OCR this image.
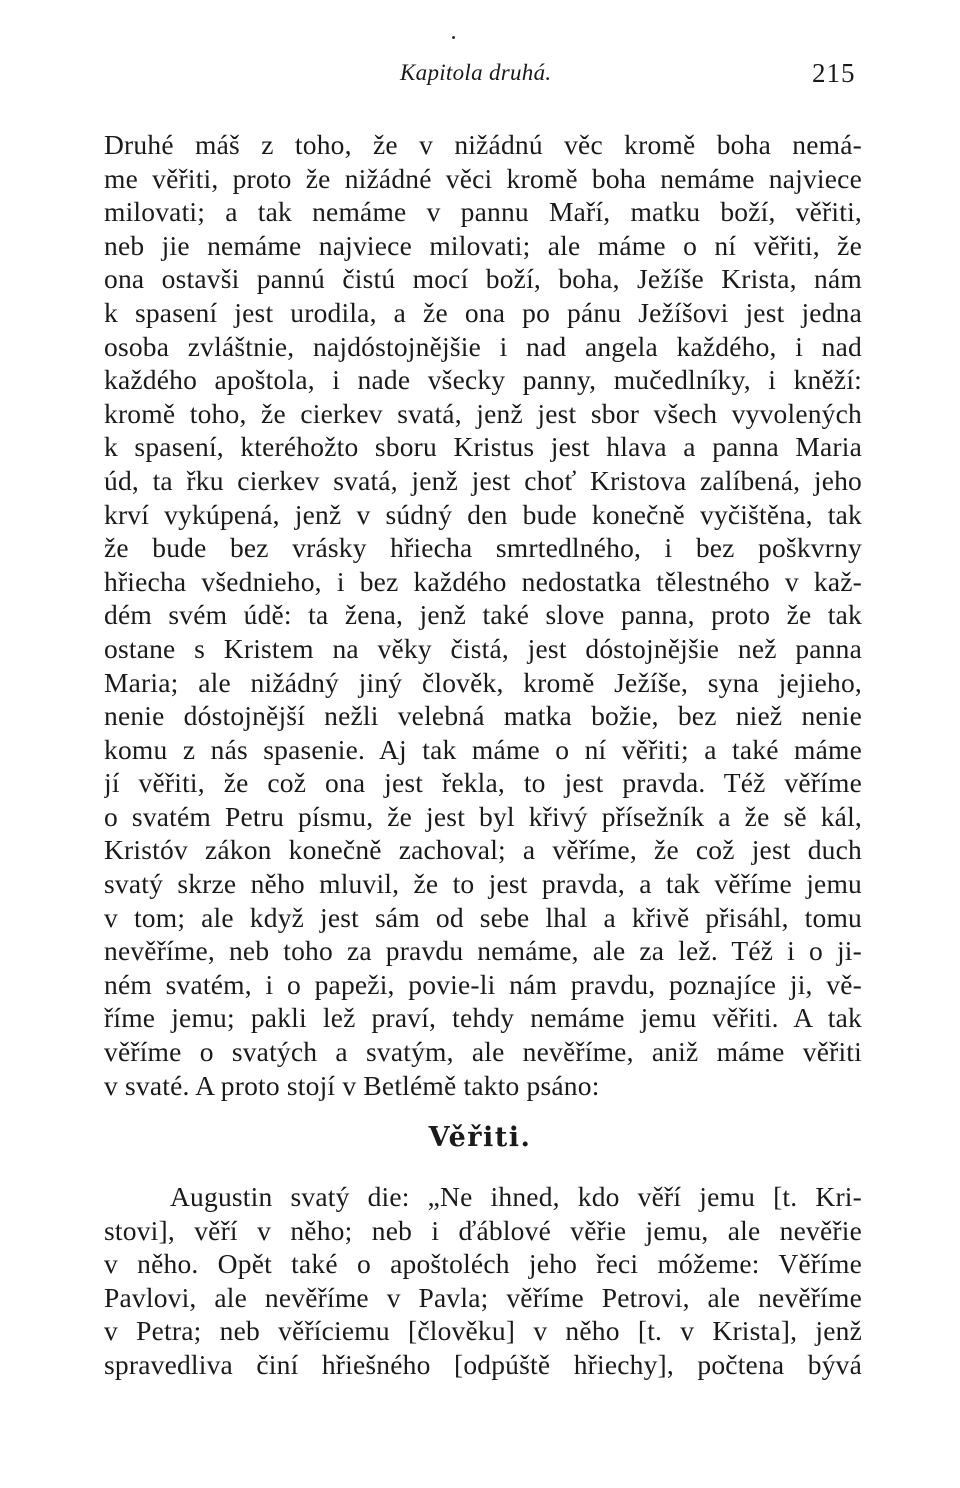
Kapitola druhá.	215
Druhé máš z toho, že v nižádnú věc kromě boha nemá-
me věřiti, proto že nižádné věci kromě boha nemáme najviece
milovati; a tak nemáme v pannu Maří, matku boží, věřiti,
neb jie nemáme najviece milovati; ale máme o ní věřiti, že
ona ostavši pannú čistú mocí boží, boha, Ježíše Krista, nám
k spasení jest urodila, a že ona po pánu Ježíšovi jest jedna
osoba zvláštnie, najdóstojnějšie i nad angela každého, i nad
každého apoštola, i nade všecky panny, mučedlníky, i kněží:
kromě toho, že cierkev svatá, jenž jest sbor všech vyvolených
k spasení, kteréhožto sboru Kristus jest hlava a panna Maria
úd, ta řku cierkev svatá, jenž jest choť Kristova zalíbená, jeho
krví vykúpená, jenž v súdný den bude konečně vyčištěna, tak
že bude bez vrásky hřiecha smrtedlného, i bez poškvrny
hřiecha všednieho, i bez každého nedostatka tělestného v kaž-
dém svém údě: ta žena, jenž také slove panna, proto že tak
ostane s Kristem na věky čistá, jest dóstojnějšie než panna
Maria; ale nižádný jiný člověk, kromě Ježíše, syna jejieho,
nenie dóstojnější nežli velebná matka božie, bez niež nenie
komu z nás spasenie. Aj tak máme o ní věřiti; a také máme
jí věřiti, že což ona jest řekla, to jest pravda. Též věříme
o svatém Petru písmu, že jest byl křivý přísežník a že sě kál,
Kristóv zákon konečně zachoval; a věříme, že což jest duch
svatý skrze něho mluvil, že to jest pravda, a tak věříme jemu
v tom; ale když jest sám od sebe lhal a křivě přisáhl, tomu
nevěříme, neb toho za pravdu nemáme, ale za lež. Též i o ji-
ném svatém, i o papeži, povie-li nám pravdu, poznajíce ji, vě-
říme jemu; pakli lež praví, tehdy nemáme jemu věřiti. A tak
věříme o svatých a svatým, ale nevěříme, aniž máme věřiti
v svaté. A proto stojí v Betlémě takto psáno:
Věřiti.
Augustin svatý die: „Ne ihned, kdo věří jemu [t. Kri-
stovi], věří v něho; neb i ďáblové věřie jemu, ale nevěřie
v něho. Opět také o apoštoléch jeho řeci móžeme: Věříme
Pavlovi, ale nevěříme v Pavla; věříme Petrovi, ale nevěříme
v Petra; neb věříciemu [člověku] v něho [t. v Krista], jenž
spravedliva činí hřiešného [odpúště hřiechy], počtena bývá
